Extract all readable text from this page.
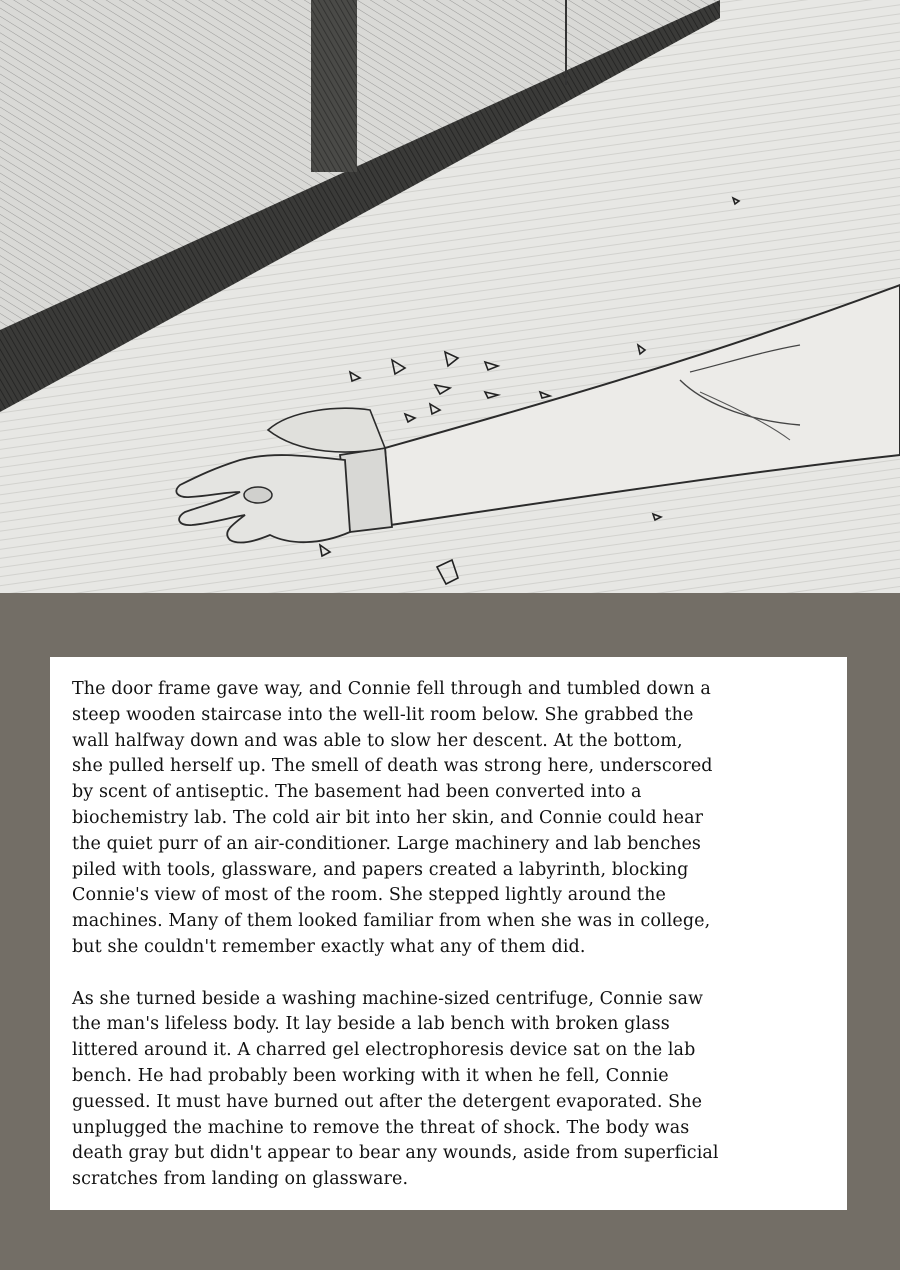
The door frame gave way, and Connie fell through and tumbled down a
steep wooden staircase into the well-lit room below. She grabbed the
wall halfway down and was able to slow her descent. At the bottom,
she pulled herself up. The smell of death was strong here, underscored
by scent of antiseptic. The basement had been converted into a
biochemistry lab. The cold air bit into her skin, and Connie could hear
the quiet purr of an air-conditioner. Large machinery and lab benches
piled with tools, glassware, and papers created a labyrinth, blocking
Connie's view of most of the room. She stepped lightly around the
machines. Many of them looked familiar from when she was in college,
but she couldn't remember exactly what any of them did.

As she turned beside a washing machine-sized centrifuge, Connie saw
the man's lifeless body. It lay beside a lab bench with broken glass
littered around it. A charred gel electrophoresis device sat on the lab
bench. He had probably been working with it when he fell, Connie
guessed. It must have burned out after the detergent evaporated. She
unplugged the machine to remove the threat of shock. The body was
death gray but didn't appear to bear any wounds, aside from superficial
scratches from landing on glassware.
